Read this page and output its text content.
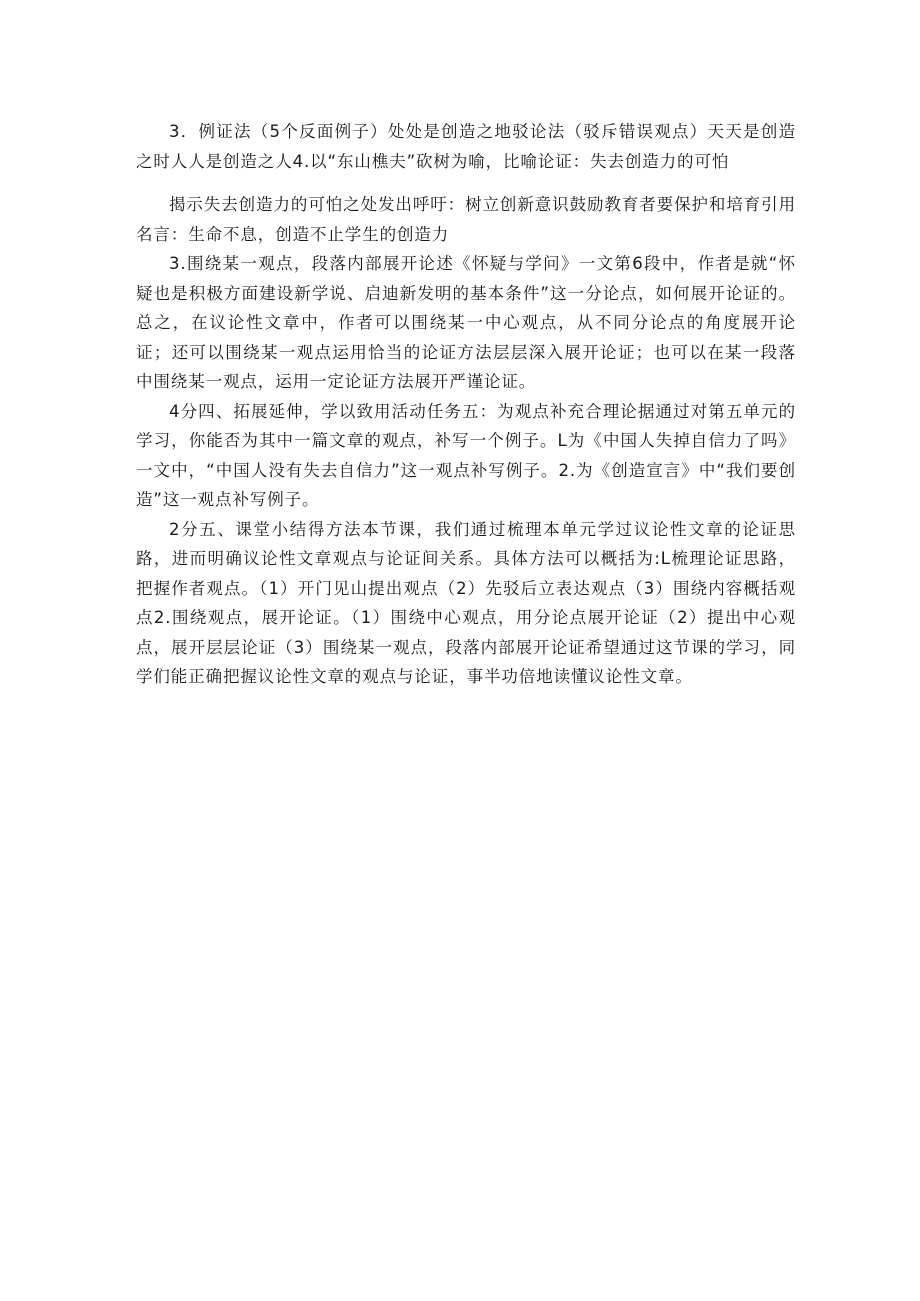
3．例证法（5个反面例子）处处是创造之地驳论法（驳斥错误观点）天天是创造之时人人是创造之人4.以“东山樵夫”砍树为喻，比喻论证：失去创造力的可怕

揭示失去创造力的可怕之处发出呼吁：树立创新意识鼓励教育者要保护和培育引用名言：生命不息，创造不止学生的创造力

3.围绕某一观点，段落内部展开论述《怀疑与学问》一文第6段中，作者是就“怀疑也是积极方面建设新学说、启迪新发明的基本条件”这一分论点，如何展开论证的。总之，在议论性文章中，作者可以围绕某一中心观点，从不同分论点的角度展开论证；还可以围绕某一观点运用恰当的论证方法层层深入展开论证；也可以在某一段落中围绕某一观点，运用一定论证方法展开严谨论证。

4分四、拓展延伸，学以致用活动任务五：为观点补充合理论据通过对第五单元的学习，你能否为其中一篇文章的观点，补写一个例子。L为《中国人失掉自信力了吗》一文中，“中国人没有失去自信力”这一观点补写例子。2.为《创造宣言》中“我们要创造”这一观点补写例子。

2分五、课堂小结得方法本节课，我们通过梳理本单元学过议论性文章的论证思路，进而明确议论性文章观点与论证间关系。具体方法可以概括为:L梳理论证思路，把握作者观点。（1）开门见山提出观点（2）先驳后立表达观点（3）围绕内容概括观点2.围绕观点，展开论证。（1）围绕中心观点，用分论点展开论证（2）提出中心观点，展开层层论证（3）围绕某一观点，段落内部展开论证希望通过这节课的学习，同学们能正确把握议论性文章的观点与论证，事半功倍地读懂议论性文章。
